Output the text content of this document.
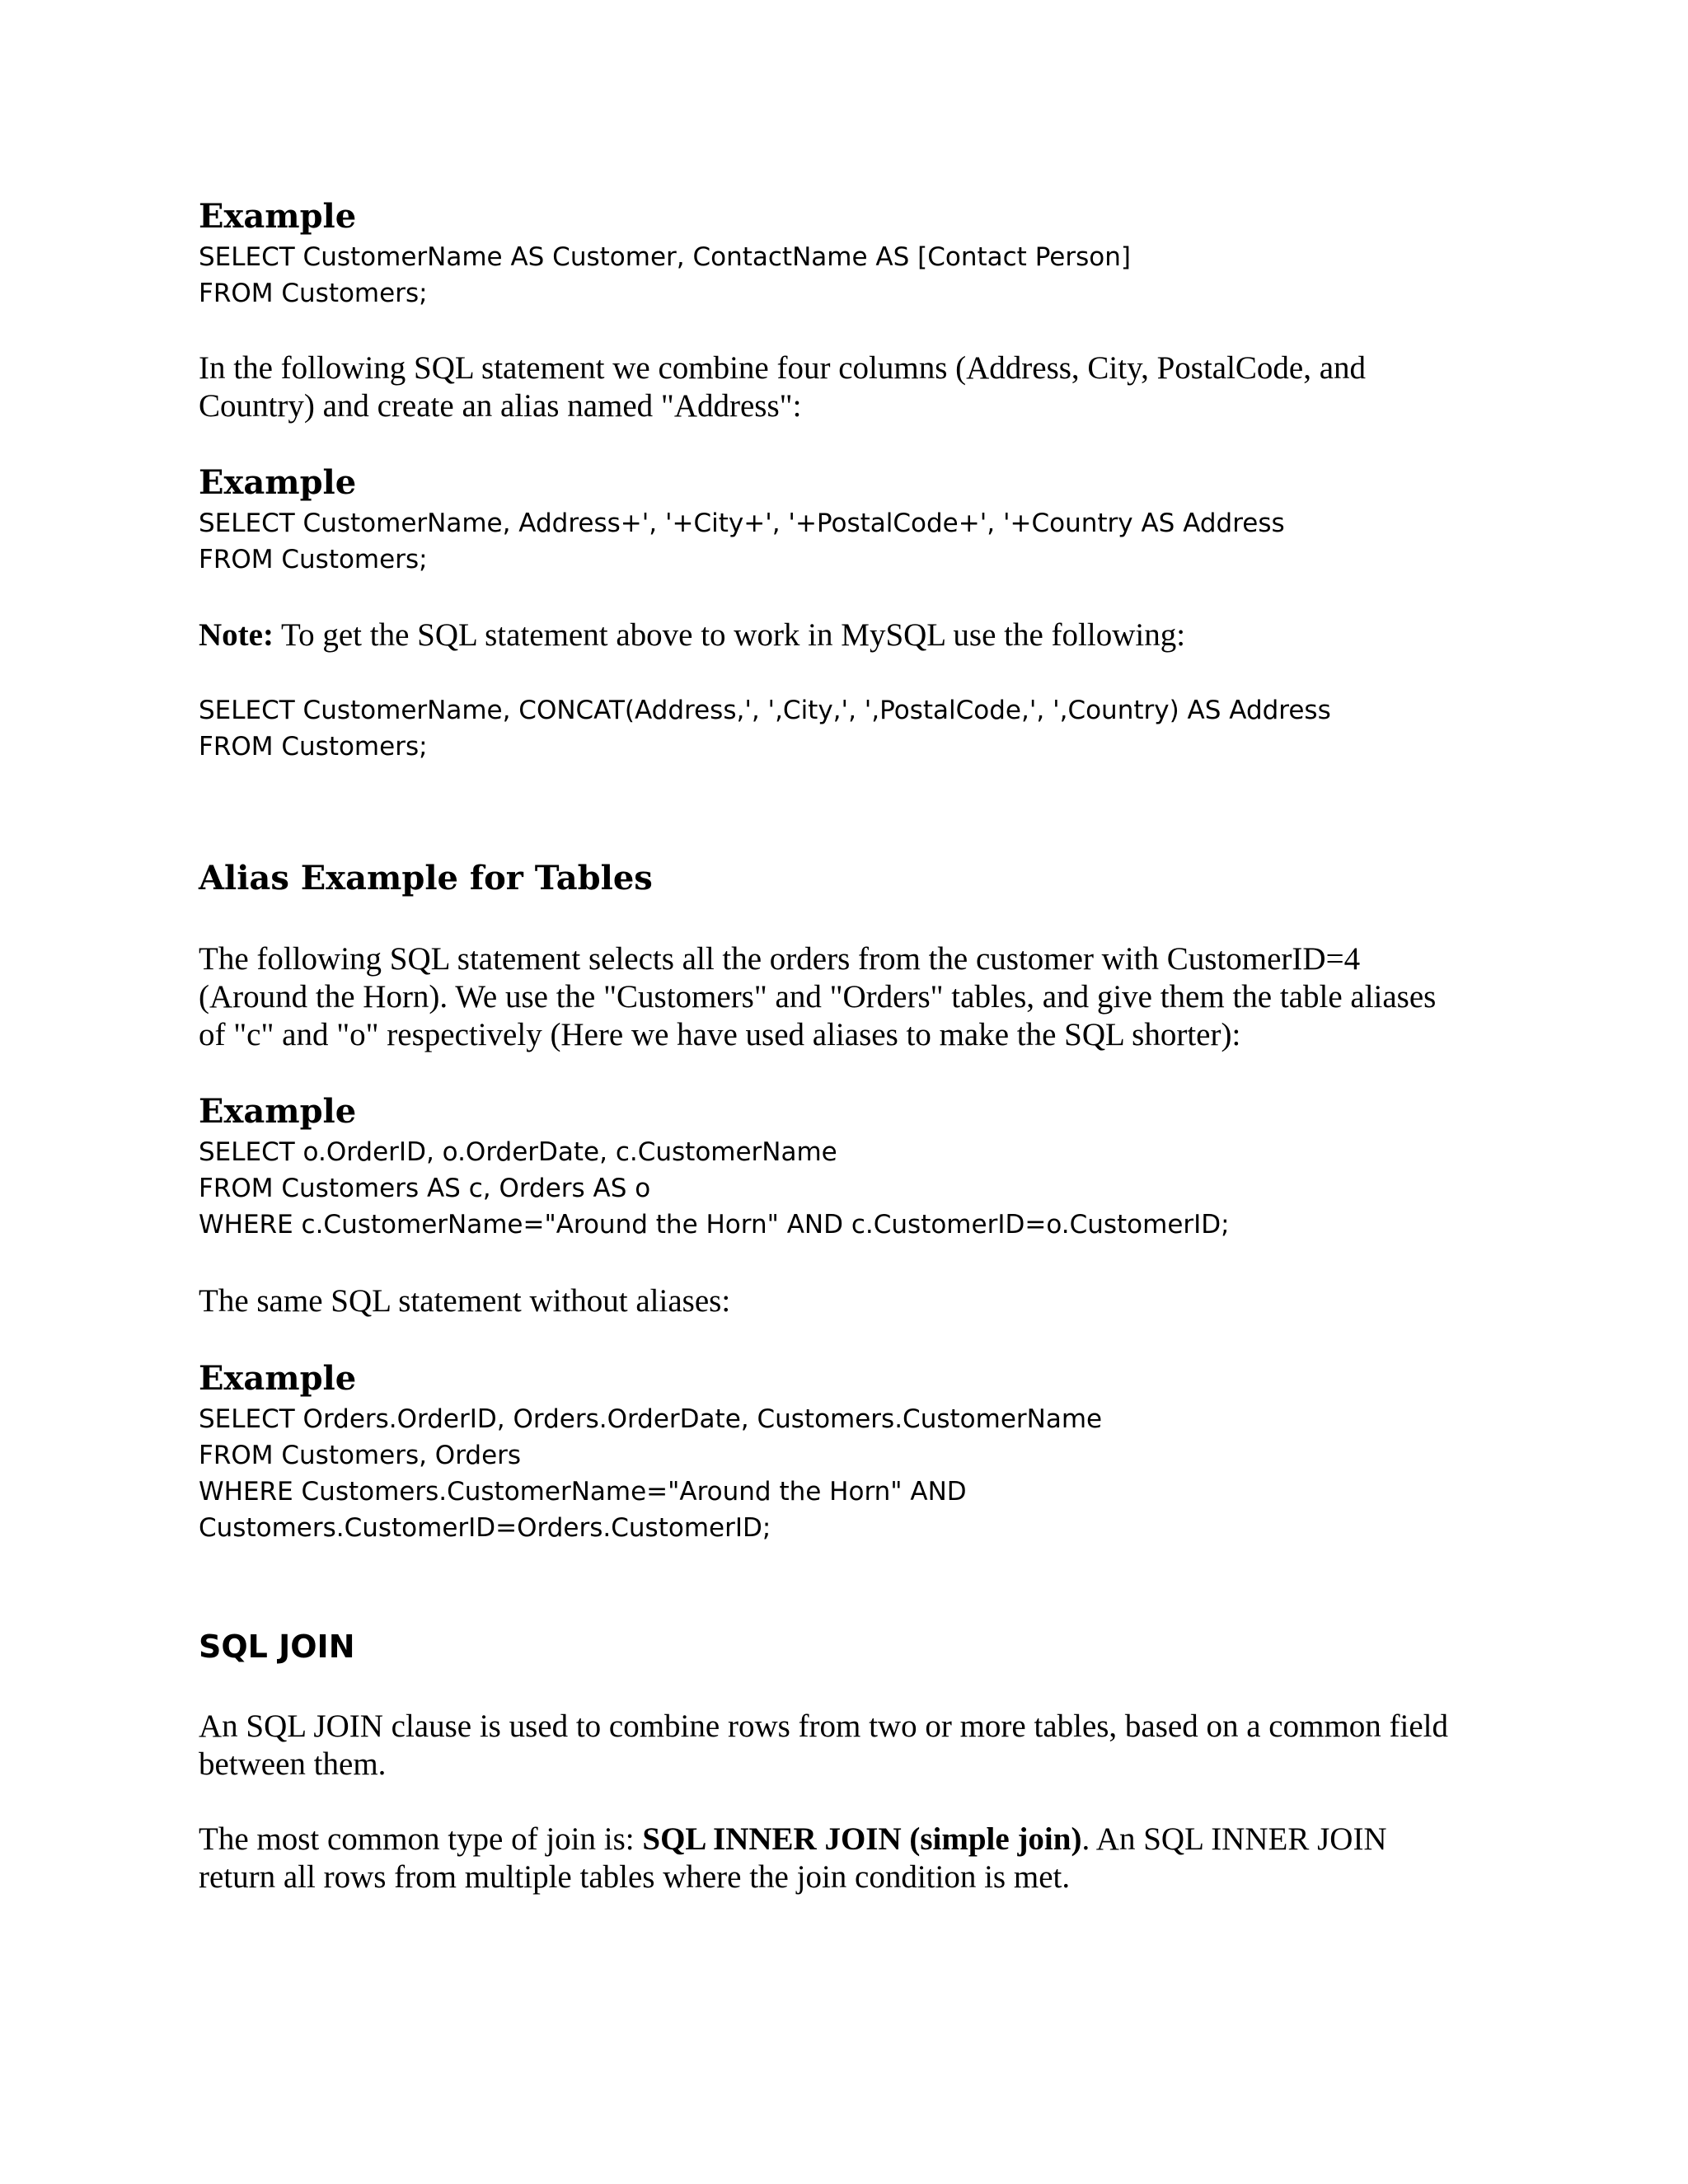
Example
SELECT CustomerName AS Customer, ContactName AS [Contact Person]
FROM Customers;
In the following SQL statement we combine four columns (Address, City, PostalCode, and
Country) and create an alias named "Address":
Example
SELECT CustomerName, Address+', '+City+', '+PostalCode+', '+Country AS Address
FROM Customers;
Note: To get the SQL statement above to work in MySQL use the following:
SELECT CustomerName, CONCAT(Address,', ',City,', ',PostalCode,', ',Country) AS Address
FROM Customers;
Alias Example for Tables
The following SQL statement selects all the orders from the customer with CustomerID=4
(Around the Horn). We use the "Customers" and "Orders" tables, and give them the table aliases
of "c" and "o" respectively (Here we have used aliases to make the SQL shorter):
Example
SELECT o.OrderID, o.OrderDate, c.CustomerName
FROM Customers AS c, Orders AS o
WHERE c.CustomerName="Around the Horn" AND c.CustomerID=o.CustomerID;
The same SQL statement without aliases:
Example
SELECT Orders.OrderID, Orders.OrderDate, Customers.CustomerName
FROM Customers, Orders
WHERE Customers.CustomerName="Around the Horn" AND
Customers.CustomerID=Orders.CustomerID;
SQL JOIN
An SQL JOIN clause is used to combine rows from two or more tables, based on a common field
between them.
The most common type of join is: SQL INNER JOIN (simple join). An SQL INNER JOIN
return all rows from multiple tables where the join condition is met.
